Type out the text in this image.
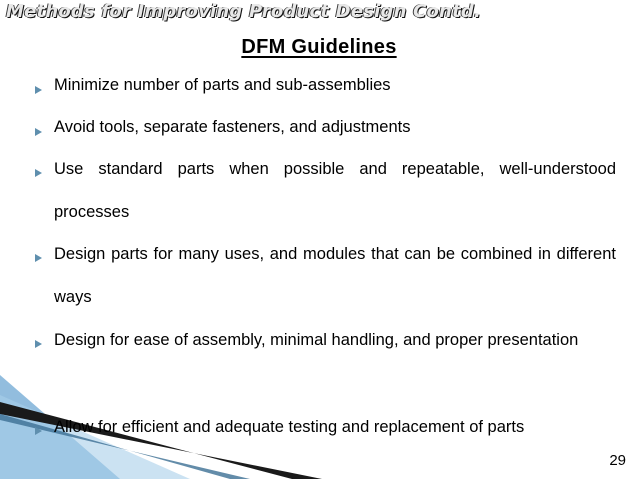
Methods for Improving Product Design Contd.
DFM Guidelines
Minimize number of parts and sub-assemblies
Avoid tools, separate fasteners, and adjustments
Use standard parts when possible and repeatable, well-understood processes
Design parts for many uses, and modules that can be combined in different ways
Design for ease of assembly, minimal handling, and proper presentation
Allow for efficient and adequate testing and replacement of parts
29
